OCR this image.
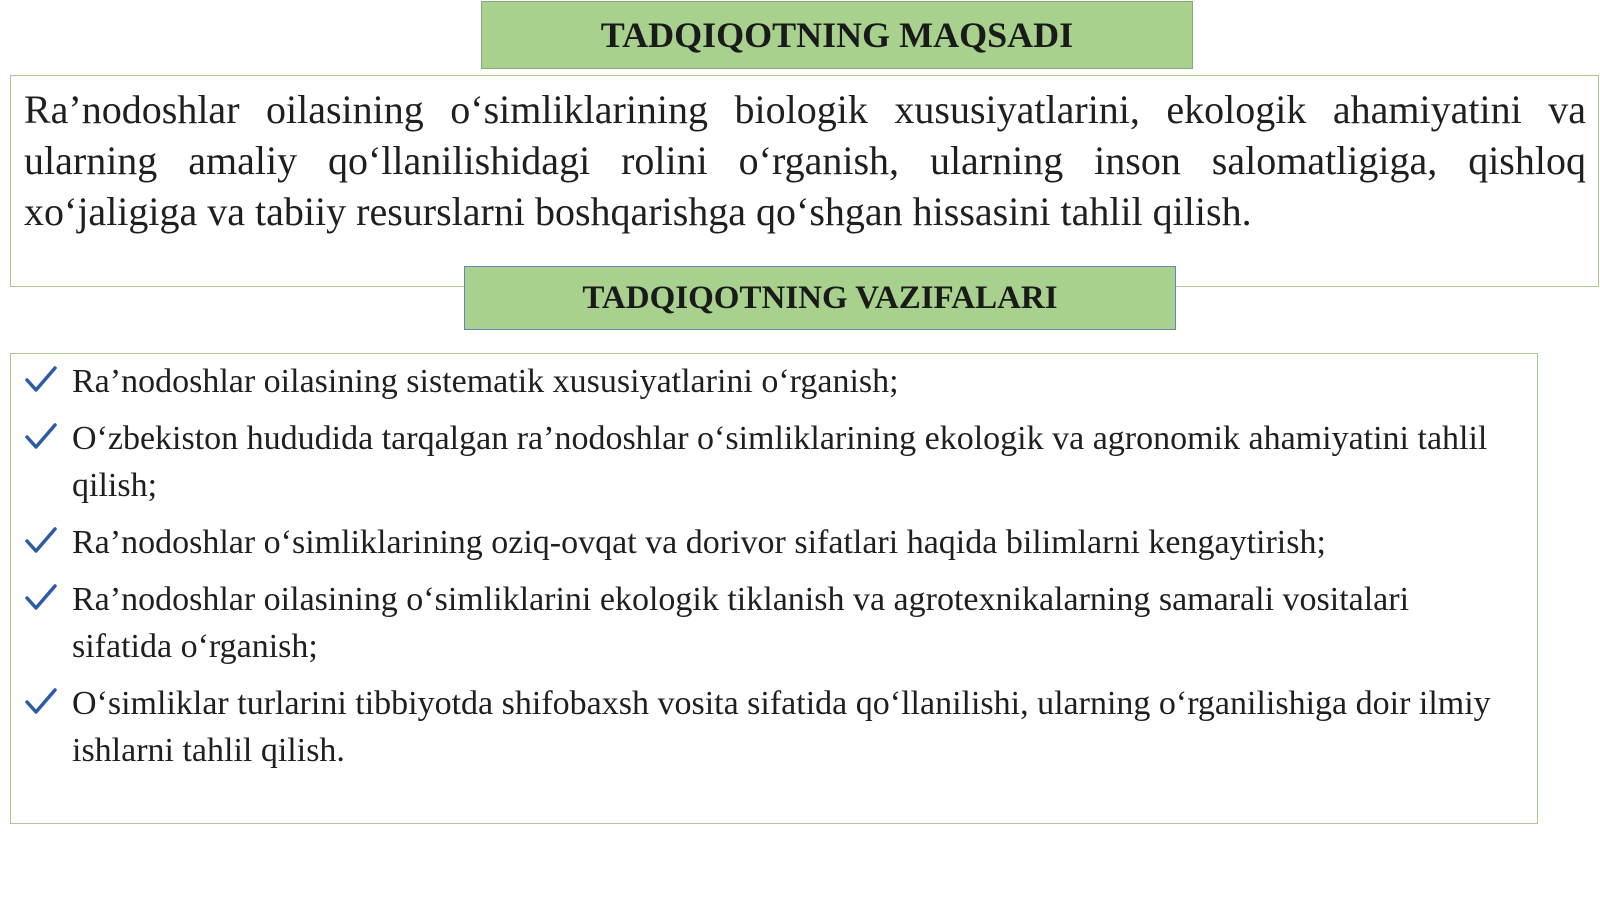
TADQIQOTNING MAQSADI

Ra’nodoshlar oilasining o‘simliklarining biologik xususiyatlarini, ekologik ahamiyatini va ularning amaliy qo‘llanilishidagi rolini o‘rganish, ularning inson salomatligiga, qishloq xo‘jaligiga va tabiiy resurslarni boshqarishga qo‘shgan hissasini tahlil qilish.

TADQIQOTNING VAZIFALARI
Ra’nodoshlar oilasining sistematik xususiyatlarini o‘rganish;
O‘zbekiston hududida tarqalgan ra’nodoshlar o‘simliklarining ekologik va agronomik ahamiyatini tahlil qilish;
Ra’nodoshlar o‘simliklarining oziq-ovqat va dorivor sifatlari haqida bilimlarni kengaytirish;
Ra’nodoshlar oilasining o‘simliklarini ekologik tiklanish va agrotexnikalarning samarali vositalari sifatida o‘rganish;
O‘simliklar turlarini tibbiyotda shifobaxsh vosita sifatida qo‘llanilishi, ularning o‘rganilishiga doir ilmiy ishlarni tahlil qilish.
